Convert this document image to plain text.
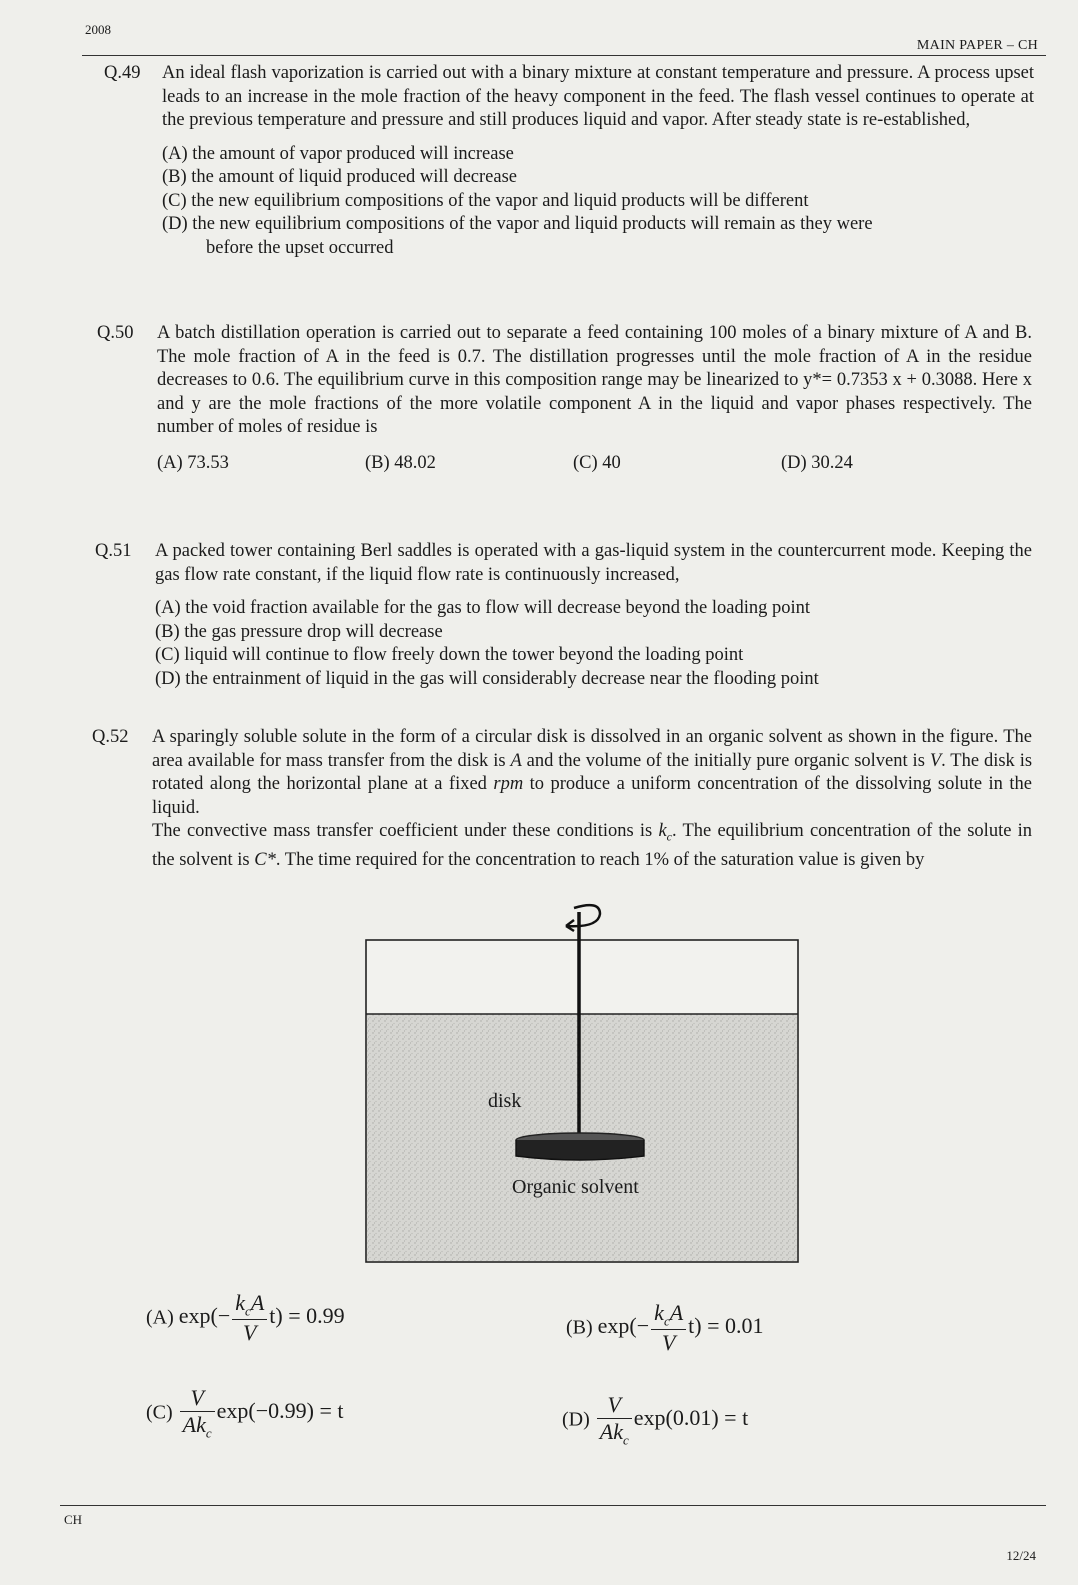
2008
MAIN PAPER – CH
Q.49 An ideal flash vaporization is carried out with a binary mixture at constant temperature and pressure. A process upset leads to an increase in the mole fraction of the heavy component in the feed. The flash vessel continues to operate at the previous temperature and pressure and still produces liquid and vapor. After steady state is re-established,

(A) the amount of vapor produced will increase

(B) the amount of liquid produced will decrease

(C) the new equilibrium compositions of the vapor and liquid products will be different

(D) the new equilibrium compositions of the vapor and liquid products will remain as they were

before the upset occurred

Q.50 A batch distillation operation is carried out to separate a feed containing 100 moles of a binary mixture of A and B. The mole fraction of A in the feed is 0.7. The distillation progresses until the mole fraction of A in the residue decreases to 0.6. The equilibrium curve in this composition range may be linearized to y*= 0.7353 x + 0.3088. Here x and y are the mole fractions of the more volatile component A in the liquid and vapor phases respectively. The number of moles of residue is
(A) 73.53	(B) 48.02	(C) 40	(D) 30.24
Q.51 A packed tower containing Berl saddles is operated with a gas-liquid system in the countercurrent mode. Keeping the gas flow rate constant, if the liquid flow rate is continuously increased,

(A) the void fraction available for the gas to flow will decrease beyond the loading point

(B) the gas pressure drop will decrease

(C) liquid will continue to flow freely down the tower beyond the loading point

(D) the entrainment of liquid in the gas will considerably decrease near the flooding point

Q.52 A sparingly soluble solute in the form of a circular disk is dissolved in an organic solvent as shown in the figure. The area available for mass transfer from the disk is A and the volume of the initially pure organic solvent is V. The disk is rotated along the horizontal plane at a fixed rpm to produce a uniform concentration of the dissolving solute in the liquid.
The convective mass transfer coefficient under these conditions is $k_c$. The equilibrium concentration of the solute in the solvent is C*. The time required for the concentration to reach 1% of the saturation value is given by
disk
Organic solvent
(A) $\exp(- \frac{k_cA}{V} t) = 0.99$	(B) $\exp(- \frac{k_cA}{V} t) = 0.01$
$(C) \frac{V}{Ak_c} \exp(-0.99) = t$	$(D) \frac{V}{Ak_c} \exp(0.01) = t$
CH
12/24
